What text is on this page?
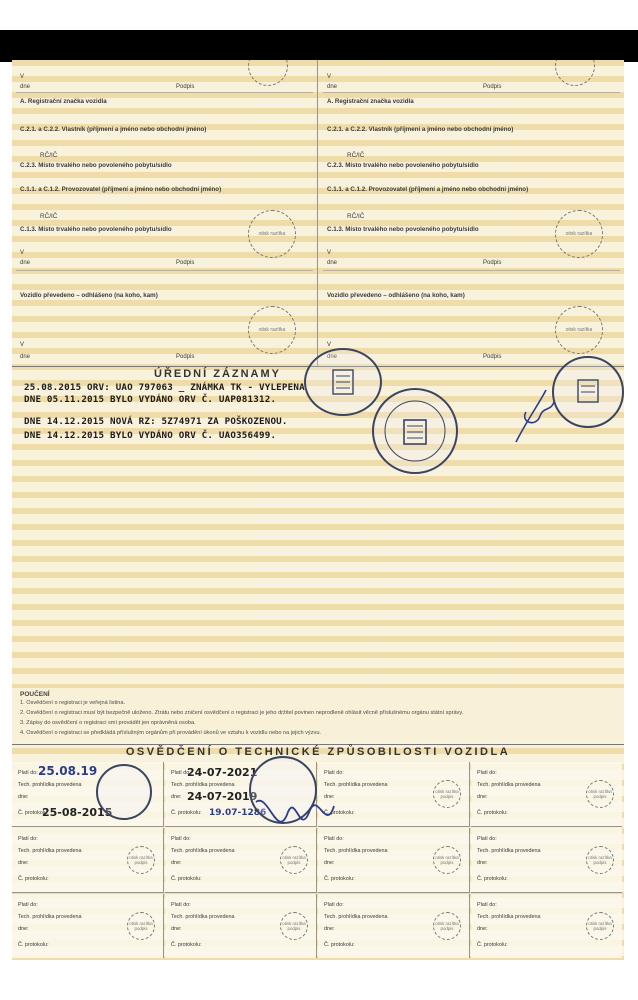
V
dne	Podpis
A. Registrační značka vozidla
C.2.1. a C.2.2. Vlastník (příjmení a jméno nebo obchodní jméno)
RČ/IČ
C.2.3. Místo trvalého nebo povoleného pobytu/sídlo
C.1.1. a C.1.2. Provozovatel (příjmení a jméno nebo obchodní jméno)
RČ/IČ
C.1.3. Místo trvalého nebo povoleného pobytu/sídlo
otisk razítka
V
dne	Podpis
Vozidlo převedeno – odhlášeno (na koho, kam)
otisk razítka
V
dne	Podpis
V
dne	Podpis
A. Registrační značka vozidla
C.2.1. a C.2.2. Vlastník (příjmení a jméno nebo obchodní jméno)
RČ/IČ
C.2.3. Místo trvalého nebo povoleného pobytu/sídlo
C.1.1. a C.1.2. Provozovatel (příjmení a jméno nebo obchodní jméno)
RČ/IČ
C.1.3. Místo trvalého nebo povoleného pobytu/sídlo
otisk razítka
V
dne	Podpis
Vozidlo převedeno – odhlášeno (na koho, kam)
otisk razítka
V
dne	Podpis
ÚŘEDNÍ ZÁZNAMY
25.08.2015 ORV: UAO 797063 _ ZNÁMKA TK - VYLEPENA
DNE 05.11.2015 BYLO VYDÁNO ORV Č. UAP081312.
DNE 14.12.2015 NOVÁ RZ: 5Z74971 ZA POŠKOZENOU.
DNE 14.12.2015 BYLO VYDÁNO ORV Č. UAO356499.
POUČENÍ
1. Osvědčení o registraci je veřejná listina.
2. Osvědčení o registraci musí být bezpečně uloženo. Ztrátu nebo zničení osvědčení o registraci je jeho držitel povinen neprodleně ohlásit věcně příslušnému orgánu státní správy.
3. Zápisy do osvědčení o registraci smí provádět jen oprávněná osoba.
4. Osvědčení o registraci se předkládá příslušným orgánům při provádění úkonů ve vztahu k vozidlu nebo na jejich výzvu.
OSVĚDČENÍ O TECHNICKÉ ZPŮSOBILOSTI VOZIDLA
Platí do:
Tech. prohlídka provedena
dne:
Č. protokolu:
25.08.19
25-08-2015
Platí do:
Tech. prohlídka provedena
dne:
Č. protokolu:
24-07-2021
24-07-2019
19.07-1286
Platí do:
Tech. prohlídka provedena
dne:
Č. protokolu:
otisk razítka podpis
Platí do:
Tech. prohlídka provedena
dne:
Č. protokolu:
otisk razítka podpis
Platí do:
Tech. prohlídka provedena
dne:
Č. protokolu:
otisk razítka podpis
Platí do:
Tech. prohlídka provedena
dne:
Č. protokolu:
otisk razítka podpis
Platí do:
Tech. prohlídka provedena
dne:
Č. protokolu:
otisk razítka podpis
Platí do:
Tech. prohlídka provedena
dne:
Č. protokolu:
otisk razítka podpis
Platí do:
Tech. prohlídka provedena
dne:
Č. protokolu:
otisk razítka podpis
Platí do:
Tech. prohlídka provedena
dne:
Č. protokolu:
otisk razítka podpis
Platí do:
Tech. prohlídka provedena
dne:
Č. protokolu:
otisk razítka podpis
Platí do:
Tech. prohlídka provedena
dne:
Č. protokolu:
otisk razítka podpis
